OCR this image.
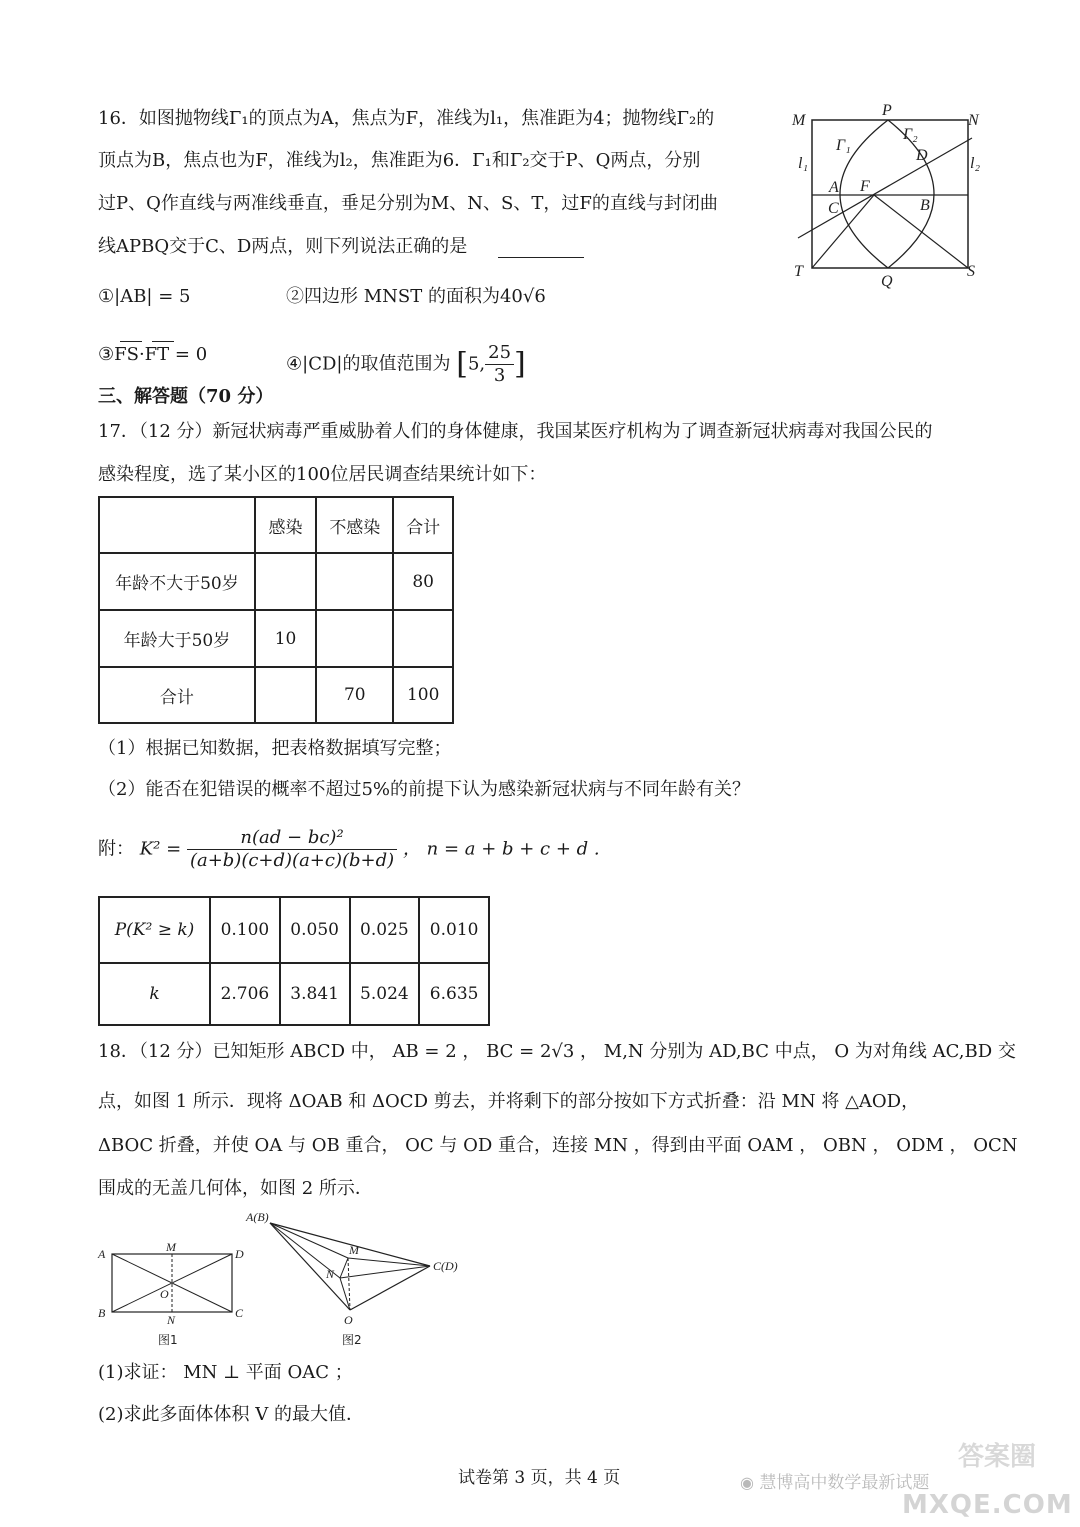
16．如图抛物线Γ₁的顶点为A，焦点为F，准线为l₁，焦准距为4；抛物线Γ₂的
顶点为B，焦点也为F，准线为l₂，焦准距为6．Γ₁和Γ₂交于P、Q两点，分别
过P、Q作直线与两准线垂直，垂足分别为M、N、S、T，过F的直线与封闭曲
线APBQ交于C、D两点，则下列说法正确的是
①|AB| = 5	②四边形 MNST 的面积为40√6
③FS·FT = 0	④|CD|的取值范围为 [5, $\frac{25}{3}$ ]
M
P
N
Γ₁
Γ₂
D
l₁	l₂
A F
C	B
T
Q
S
三、解答题（70 分）
17．（12 分）新冠状病毒严重威胁着人们的身体健康，我国某医疗机构为了调查新冠状病毒对我国公民的
感染程度，选了某小区的100位居民调查结果统计如下：
	感染	不感染	合计
年龄不大于50岁			80
年龄大于50岁	10		
合计		70	100
（1）根据已知数据，把表格数据填写完整；
（2）能否在犯错误的概率不超过5%的前提下认为感染新冠状病与不同年龄有关？
附： $K^2 = \frac{\text{n(ad − bc)²}}{(a+b)(c+d)(a+c)(b+d)}$ ， n = a + b + c + d .
P(K² ≥ k)	0.100	0.050	0.025	0.010
k	2.706	3.841	5.024	6.635
18．（12 分）已知矩形 ABCD 中， AB = 2 ， BC = 2√3 ， M,N 分别为 AD,BC 中点， O 为对角线 AC,BD 交
点，如图 1 所示．现将 ΔOAB 和 ΔOCD 剪去，并将剩下的部分按如下方式折叠：沿 MN 将 △AOD，
ΔBOC 折叠，并使 OA 与 OB 重合， OC 与 OD 重合，连接 MN ，得到由平面 OAM ， OBN ， ODM ， OCN
围成的无盖几何体，如图 2 所示．
A	M	D
O
B	N	C
图1
A(B)
M
N
C(D)
O
图2
(1)求证： MN ⊥ 平面 OAC ；
(2)求此多面体体积 V 的最大值．
试卷第 3 页，共 4 页	◉ 慧博高中数学最新试题
答案圈
MXQE.COM
